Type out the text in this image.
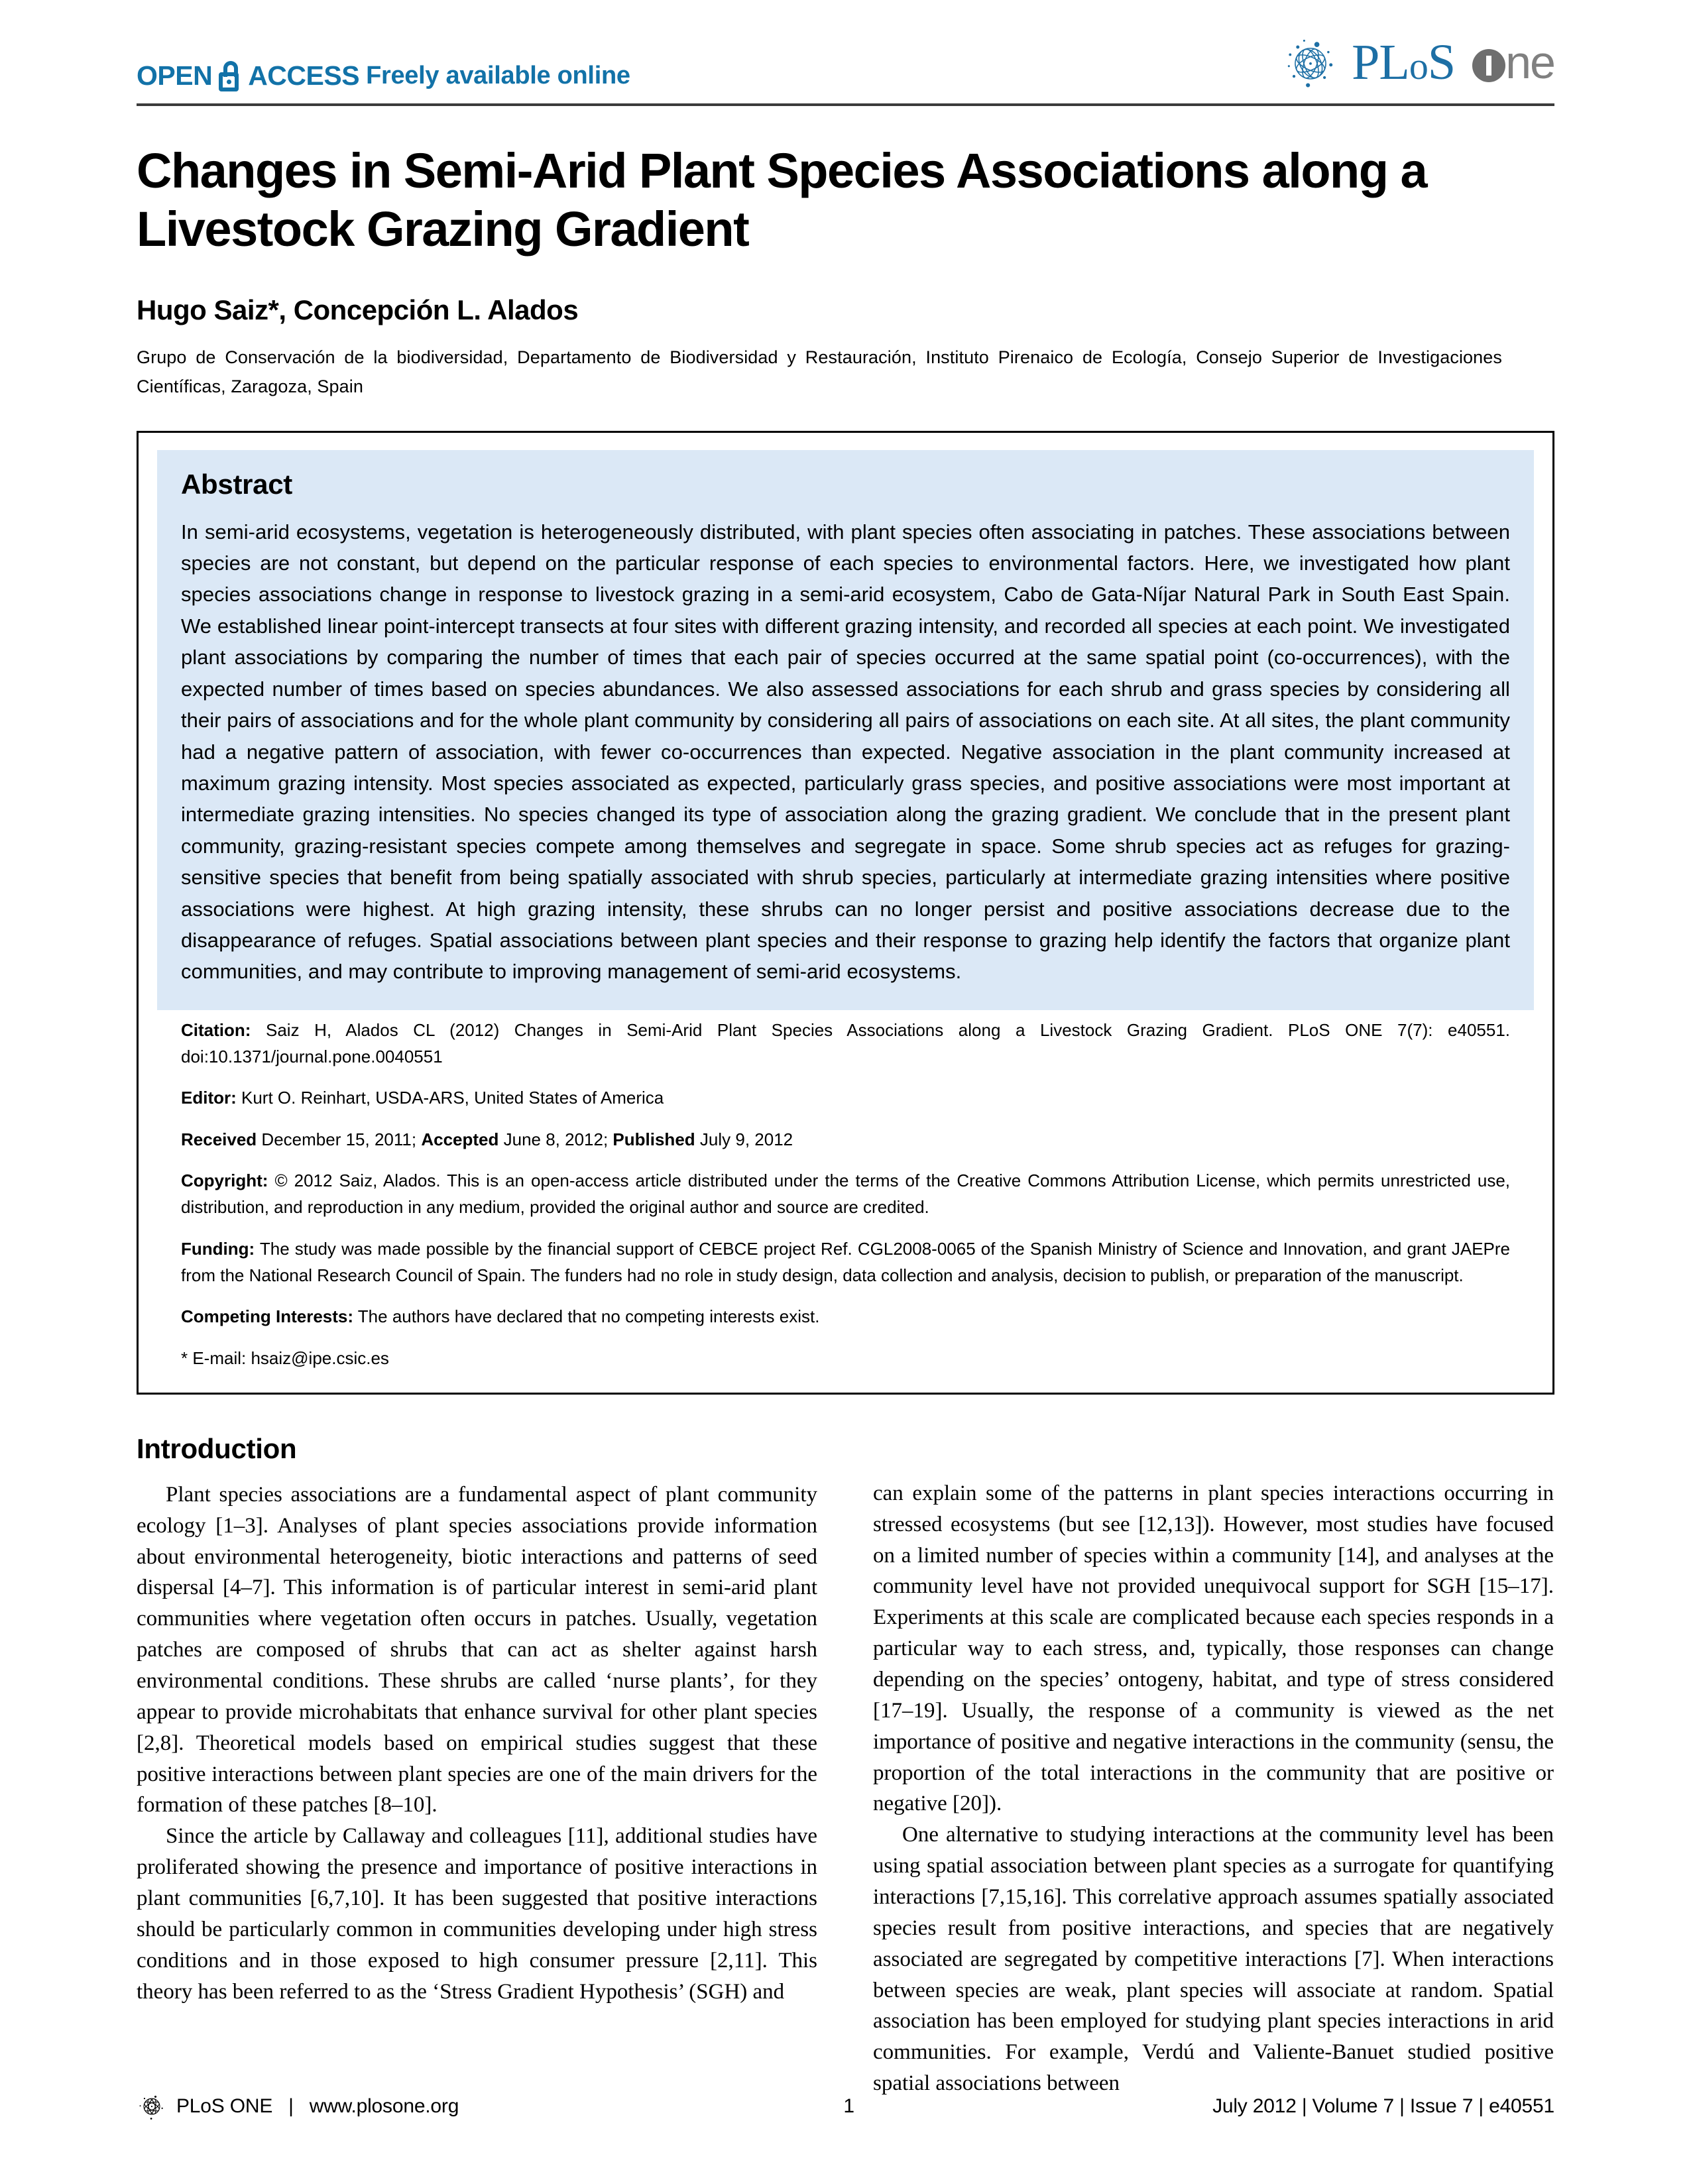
OPEN ACCESS Freely available online	PLoS	ne
Changes in Semi-Arid Plant Species Associations along a Livestock Grazing Gradient
Hugo Saiz*, Concepción L. Alados
Grupo de Conservación de la biodiversidad, Departamento de Biodiversidad y Restauración, Instituto Pirenaico de Ecología, Consejo Superior de Investigaciones Científicas, Zaragoza, Spain
Abstract

In semi-arid ecosystems, vegetation is heterogeneously distributed, with plant species often associating in patches. These associations between species are not constant, but depend on the particular response of each species to environmental factors. Here, we investigated how plant species associations change in response to livestock grazing in a semi-arid ecosystem, Cabo de Gata-Níjar Natural Park in South East Spain. We established linear point-intercept transects at four sites with different grazing intensity, and recorded all species at each point. We investigated plant associations by comparing the number of times that each pair of species occurred at the same spatial point (co-occurrences), with the expected number of times based on species abundances. We also assessed associations for each shrub and grass species by considering all their pairs of associations and for the whole plant community by considering all pairs of associations on each site. At all sites, the plant community had a negative pattern of association, with fewer co-occurrences than expected. Negative association in the plant community increased at maximum grazing intensity. Most species associated as expected, particularly grass species, and positive associations were most important at intermediate grazing intensities. No species changed its type of association along the grazing gradient. We conclude that in the present plant community, grazing-resistant species compete among themselves and segregate in space. Some shrub species act as refuges for grazing-sensitive species that benefit from being spatially associated with shrub species, particularly at intermediate grazing intensities where positive associations were highest. At high grazing intensity, these shrubs can no longer persist and positive associations decrease due to the disappearance of refuges. Spatial associations between plant species and their response to grazing help identify the factors that organize plant communities, and may contribute to improving management of semi-arid ecosystems.

Citation: Saiz H, Alados CL (2012) Changes in Semi-Arid Plant Species Associations along a Livestock Grazing Gradient. PLoS ONE 7(7): e40551. doi:10.1371/journal.pone.0040551

Editor: Kurt O. Reinhart, USDA-ARS, United States of America

Received December 15, 2011; Accepted June 8, 2012; Published July 9, 2012

Copyright: © 2012 Saiz, Alados. This is an open-access article distributed under the terms of the Creative Commons Attribution License, which permits unrestricted use, distribution, and reproduction in any medium, provided the original author and source are credited.

Funding: The study was made possible by the financial support of CEBCE project Ref. CGL2008-0065 of the Spanish Ministry of Science and Innovation, and grant JAEPre from the National Research Council of Spain. The funders had no role in study design, data collection and analysis, decision to publish, or preparation of the manuscript.

Competing Interests: The authors have declared that no competing interests exist.

* E-mail: hsaiz@ipe.csic.es

Introduction

Plant species associations are a fundamental aspect of plant community ecology [1–3]. Analyses of plant species associations provide information about environmental heterogeneity, biotic interactions and patterns of seed dispersal [4–7]. This information is of particular interest in semi-arid plant communities where vegetation often occurs in patches. Usually, vegetation patches are composed of shrubs that can act as shelter against harsh environmental conditions. These shrubs are called ‘nurse plants’, for they appear to provide microhabitats that enhance survival for other plant species [2,8]. Theoretical models based on empirical studies suggest that these positive interactions between plant species are one of the main drivers for the formation of these patches [8–10].

Since the article by Callaway and colleagues [11], additional studies have proliferated showing the presence and importance of positive interactions in plant communities [6,7,10]. It has been suggested that positive interactions should be particularly common in communities developing under high stress conditions and in those exposed to high consumer pressure [2,11]. This theory has been referred to as the ‘Stress Gradient Hypothesis’ (SGH) and

can explain some of the patterns in plant species interactions occurring in stressed ecosystems (but see [12,13]). However, most studies have focused on a limited number of species within a community [14], and analyses at the community level have not provided unequivocal support for SGH [15–17]. Experiments at this scale are complicated because each species responds in a particular way to each stress, and, typically, those responses can change depending on the species’ ontogeny, habitat, and type of stress considered [17–19]. Usually, the response of a community is viewed as the net importance of positive and negative interactions in the community (sensu, the proportion of the total interactions in the community that are positive or negative [20]).

One alternative to studying interactions at the community level has been using spatial association between plant species as a surrogate for quantifying interactions [7,15,16]. This correlative approach assumes spatially associated species result from positive interactions, and species that are negatively associated are segregated by competitive interactions [7]. When interactions between species are weak, plant species will associate at random. Spatial association has been employed for studying plant species interactions in arid communities. For example, Verdú and Valiente-Banuet studied positive spatial associations between

PLoS ONE | www.plosone.org	1	July 2012 | Volume 7 | Issue 7 | e40551
